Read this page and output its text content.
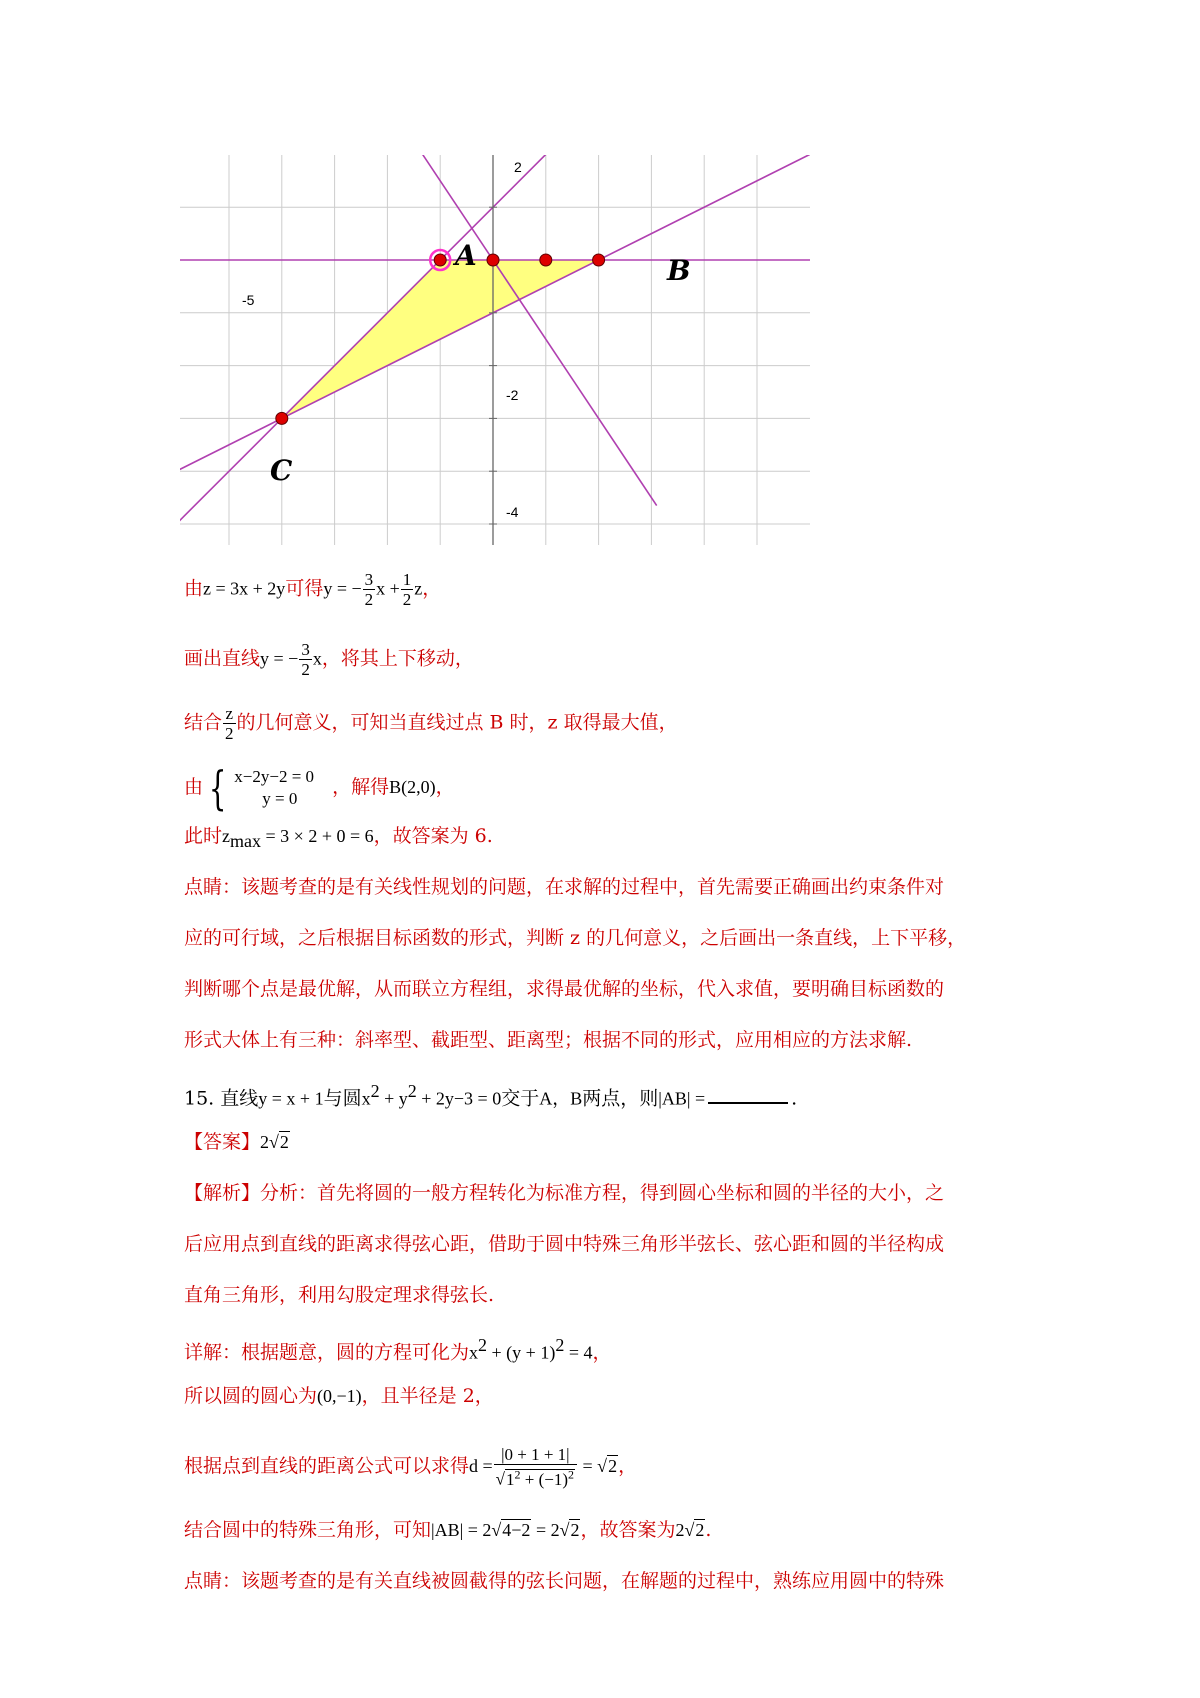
-5
2
-2
-4
A	B
C
由z = 3x + 2y可得y = − $\frac{3}{2}$ $x + \frac{1}{2}$ z，
画出直线y = − $\frac{3}{2}$ x，将其上下移动，
结合 $\frac{z}{2}$ 的几何意义，可知当直线过点 B 时，z 取得最大值，
由 { x−2y−2 = 0
y = 0
，解得B(2,0)，
此时$z_{max} = 3 \times 2 + 0 = 6$，故答案为 6.
点睛：该题考查的是有关线性规划的问题，在求解的过程中，首先需要正确画出约束条件对
应的可行域，之后根据目标函数的形式，判断 z 的几何意义，之后画出一条直线，上下平移，
判断哪个点是最优解，从而联立方程组，求得最优解的坐标，代入求值，要明确目标函数的
形式大体上有三种：斜率型、截距型、距离型；根据不同的形式，应用相应的方法求解.
15. 直线y = x + 1与圆$x^2 + y^2 + 2y-3 = 0$交于A，B两点，则|AB| =	.
【答案】2√2
【解析】分析：首先将圆的一般方程转化为标准方程，得到圆心坐标和圆的半径的大小，之
后应用点到直线的距离求得弦心距，借助于圆中特殊三角形半弦长、弦心距和圆的半径构成
直角三角形，利用勾股定理求得弦长.
详解：根据题意，圆的方程可化为$x^2 + (y + 1)^2 = 4$，
所以圆的圆心为(0,−1)，且半径是 2，
根据点到直线的距离公式可以求得$d = \frac{|0 + 1 + 1|}{√1^2 + (-1)^2} = √2$，
结合圆中的特殊三角形，可知|AB| = 2√4−2 = 2√2，故答案为2√2.
点睛：该题考查的是有关直线被圆截得的弦长问题，在解题的过程中，熟练应用圆中的特殊
